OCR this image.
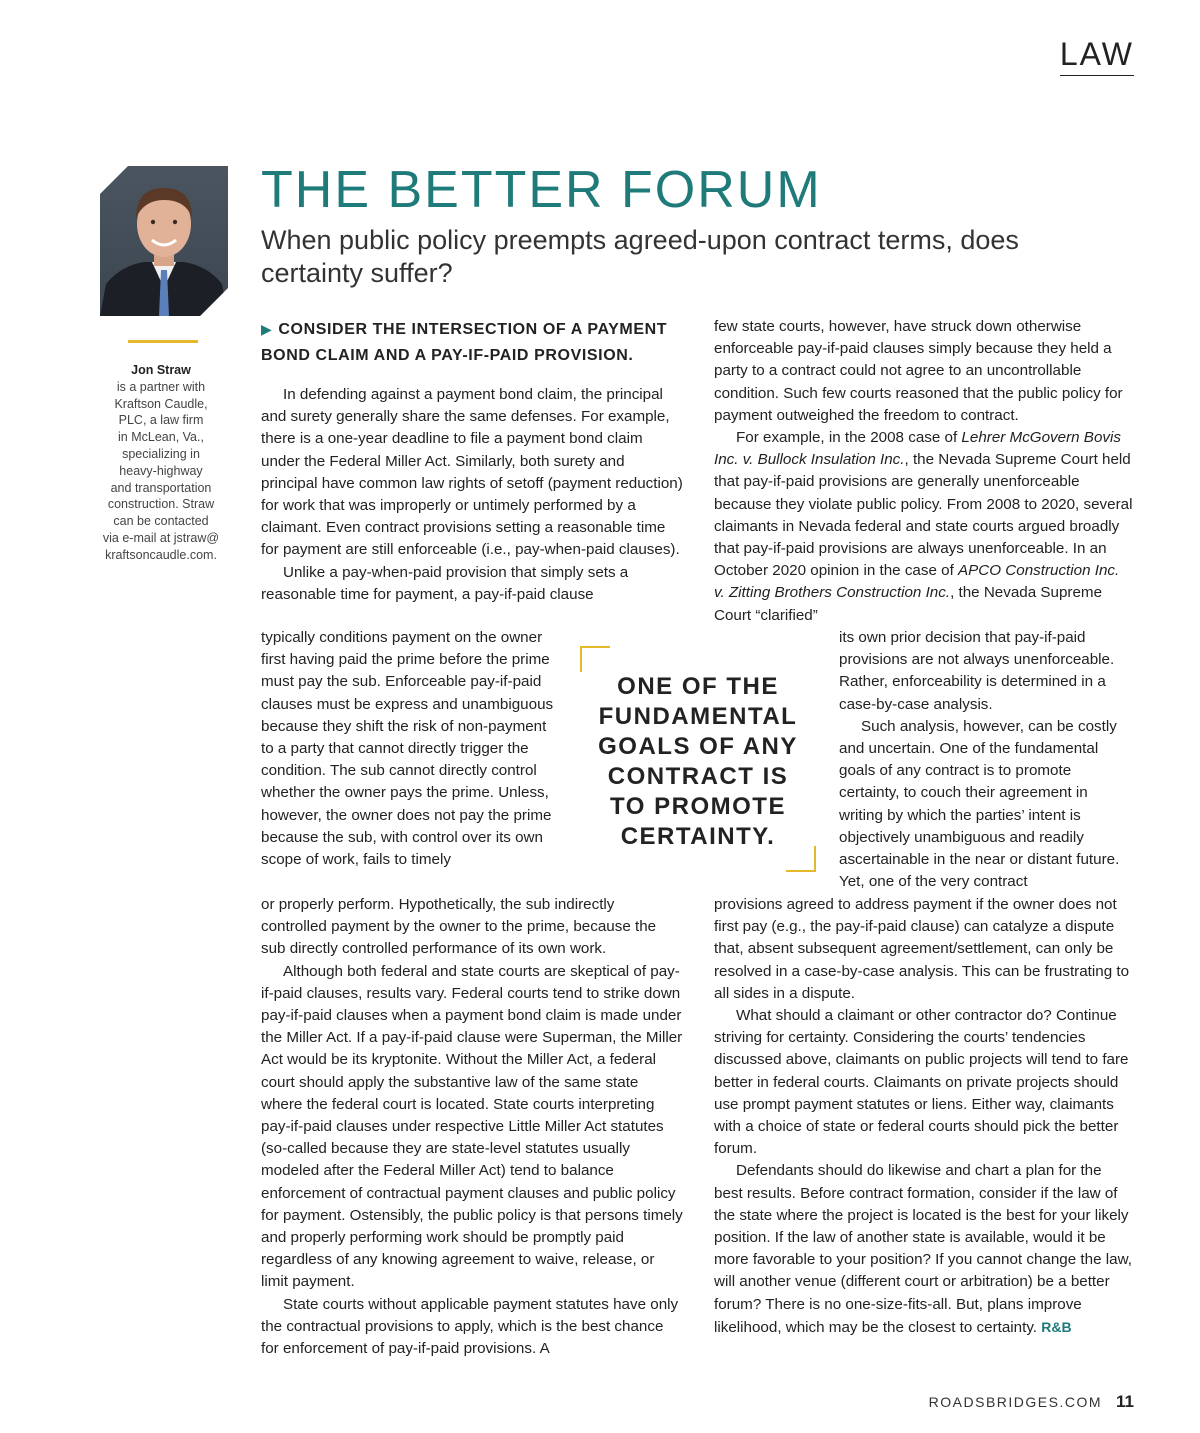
LAW
Jon Straw
is a partner with
Kraftson Caudle,
PLC, a law firm
in McLean, Va.,
specializing in
heavy-highway
and transportation
construction. Straw
can be contacted
via e-mail at jstraw@
kraftsoncaudle.com.
THE BETTER FORUM
When public policy preempts agreed-upon contract terms, does certainty suffer?
▶ CONSIDER THE INTERSECTION OF A PAYMENT
BOND CLAIM AND A PAY-IF-PAID PROVISION.

In defending against a payment bond claim, the principal and surety generally share the same defenses. For example, there is a one-year deadline to file a payment bond claim under the Federal Miller Act. Similarly, both surety and principal have common law rights of setoff (payment reduction) for work that was improperly or untimely performed by a claimant. Even contract provisions setting a reasonable time for payment are still enforceable (i.e., pay-when-paid clauses).

Unlike a pay-when-paid provision that simply sets a reasonable time for payment, a pay-if-paid clause

typically conditions payment on the owner first having paid the prime before the prime must pay the sub. Enforceable pay-if-paid clauses must be express and unambiguous because they shift the risk of non-payment to a party that cannot directly trigger the condition. The sub cannot directly control whether the owner pays the prime. Unless, however, the owner does not pay the prime because the sub, with control over its own scope of work, fails to timely

or properly perform. Hypothetically, the sub indirectly controlled payment by the owner to the prime, because the sub directly controlled performance of its own work.

Although both federal and state courts are skeptical of pay-if-paid clauses, results vary. Federal courts tend to strike down pay-if-paid clauses when a payment bond claim is made under the Miller Act. If a pay-if-paid clause were Superman, the Miller Act would be its kryptonite. Without the Miller Act, a federal court should apply the substantive law of the same state where the federal court is located. State courts interpreting pay-if-paid clauses under respective Little Miller Act statutes (so-called because they are state-level statutes usually modeled after the Federal Miller Act) tend to balance enforcement of contractual payment clauses and public policy for payment. Ostensibly, the public policy is that persons timely and properly performing work should be promptly paid regardless of any knowing agreement to waive, release, or limit payment.

State courts without applicable payment statutes have only the contractual provisions to apply, which is the best chance for enforcement of pay-if-paid provisions. A

few state courts, however, have struck down otherwise enforceable pay-if-paid clauses simply because they held a party to a contract could not agree to an uncontrollable condition. Such few courts reasoned that the public policy for payment outweighed the freedom to contract.

For example, in the 2008 case of Lehrer McGovern Bovis Inc. v. Bullock Insulation Inc., the Nevada Supreme Court held that pay-if-paid provisions are generally unenforceable because they violate public policy. From 2008 to 2020, several claimants in Nevada federal and state courts argued broadly that pay-if-paid provisions are always unenforceable. In an October 2020 opinion in the case of APCO Construction Inc. v. Zitting Brothers Construction Inc., the Nevada Supreme Court “clarified”

its own prior decision that pay-if-paid provisions are not always unenforceable. Rather, enforceability is determined in a case-by-case analysis.

Such analysis, however, can be costly and uncertain. One of the fundamental goals of any contract is to promote certainty, to couch their agreement in writing by which the parties’ intent is objectively unambiguous and readily ascertainable in the near or distant future. Yet, one of the very contract

provisions agreed to address payment if the owner does not first pay (e.g., the pay-if-paid clause) can catalyze a dispute that, absent subsequent agreement/settlement, can only be resolved in a case-by-case analysis. This can be frustrating to all sides in a dispute.

What should a claimant or other contractor do? Continue striving for certainty. Considering the courts’ tendencies discussed above, claimants on public projects will tend to fare better in federal courts. Claimants on private projects should use prompt payment statutes or liens. Either way, claimants with a choice of state or federal courts should pick the better forum.

Defendants should do likewise and chart a plan for the best results. Before contract formation, consider if the law of the state where the project is located is the best for your likely position. If the law of another state is available, would it be more favorable to your position? If you cannot change the law, will another venue (different court or arbitration) be a better forum? There is no one-size-fits-all. But, plans improve likelihood, which may be the closest to certainty. R&B

ONE OF THE
FUNDAMENTAL
GOALS OF ANY
CONTRACT IS
TO PROMOTE
CERTAINTY.
ROADSBRIDGES.COM 11
